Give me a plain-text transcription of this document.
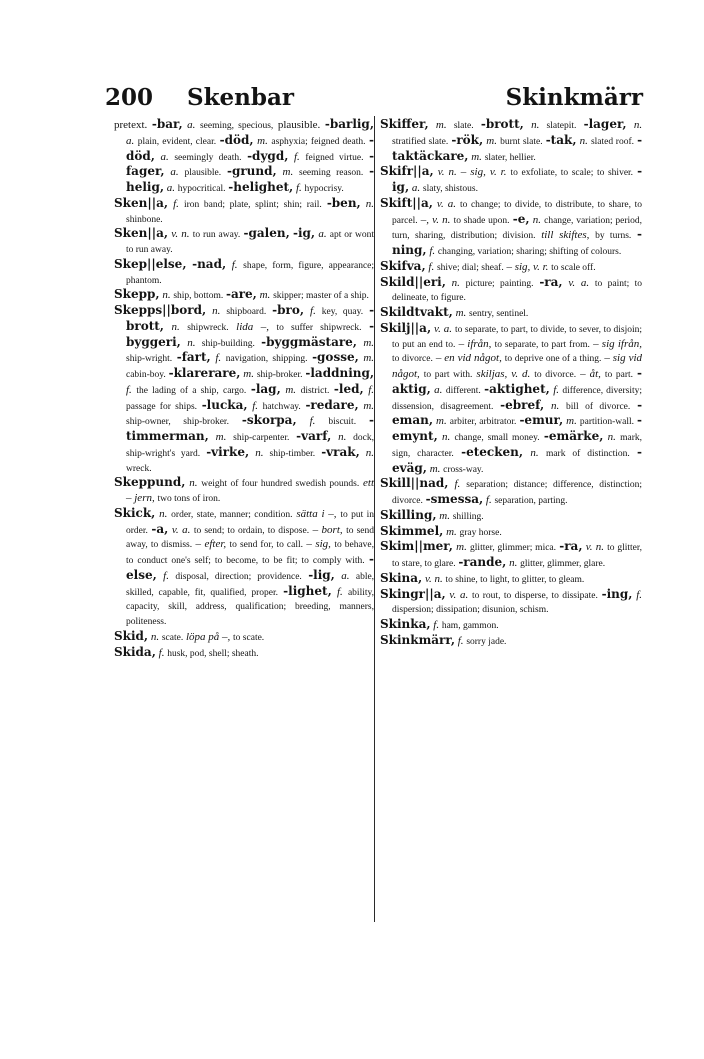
200 Skenbar	Skinkmärr

pretext. -bar, a. seeming, specious, plausible. -barlig, a. plain, evident, clear. -död, m. asphyxia; feigned death. -död, a. seemingly death. -dygd, f. feigned virtue. -fager, a. plausible. -grund, m. seeming reason. -helig, a. hypocritical. -helighet, f. hypocrisy.

Sken||a, f. iron band; plate, splint; shin; rail. -ben, n. shinbone.

Sken||a, v. n. to run away. -galen, -ig, a. apt or wont to run away.

Skep||else, -nad, f. shape, form, figure, appearance; phantom.

Skepp, n. ship, bottom. -are, m. skipper; master of a ship.

Skepps||bord, n. shipboard. -bro, f. key, quay. -brott, n. shipwreck. lida –, to suffer shipwreck. -byggeri, n. ship-building. -byggmästare, m. ship-wright. -fart, f. navigation, shipping. -gosse, m. cabin-boy. -klarerare, m. ship-broker. -laddning, f. the lading of a ship, cargo. -lag, m. district. -led, f. passage for ships. -lucka, f. hatchway. -redare, m. ship-owner, ship-broker. -skorpa, f. biscuit. -timmerman, m. ship-carpenter. -varf, n. dock, ship-wright's yard. -virke, n. ship-timber. -vrak, n. wreck.

Skeppund, n. weight of four hundred swedish pounds. ett – jern, two tons of iron.

Skick, n. order, state, manner; condition. sätta i –, to put in order. -a, v. a. to send; to ordain, to dispose. – bort, to send away, to dismiss. – efter, to send for, to call. – sig, to behave, to conduct one's self; to become, to be fit; to comply with. -else, f. disposal, direction; providence. -lig, a. able, skilled, capable, fit, qualified, proper. -lighet, f. ability, capacity, skill, address, qualification; breeding, manners, politeness.

Skid, n. scate. löpa på –, to scate.

Skida, f. husk, pod, shell; sheath.

Skiffer, m. slate. -brott, n. slatepit. -lager, n. stratified slate. -rök, m. burnt slate. -tak, n. slated roof. -taktäckare, m. slater, hellier.

Skifr||a, v. n. – sig, v. r. to exfoliate, to scale; to shiver. -ig, a. slaty, shistous.

Skift||a, v. a. to change; to divide, to distribute, to share, to parcel. –, v. n. to shade upon. -e, n. change, variation; period, turn, sharing, distribution; division. till skiftes, by turns. -ning, f. changing, variation; sharing; shifting of colours.

Skifva, f. shive; dial; sheaf. – sig, v. r. to scale off.

Skild||eri, n. picture; painting. -ra, v. a. to paint; to delineate, to figure.

Skildtvakt, m. sentry, sentinel.

Skilj||a, v. a. to separate, to part, to divide, to sever, to disjoin; to put an end to. – ifrån, to separate, to part from. – sig ifrån, to divorce. – en vid något, to deprive one of a thing. – sig vid något, to part with. skiljas, v. d. to divorce. – åt, to part. -aktig, a. different. -aktighet, f. difference, diversity; dissension, disagreement. -ebref, n. bill of divorce. -eman, m. arbiter, arbitrator. -emur, m. partition-wall. -emynt, n. change, small money. -emärke, n. mark, sign, character. -etecken, n. mark of distinction. -eväg, m. cross-way.

Skill||nad, f. separation; distance; difference, distinction; divorce. -smessa, f. separation, parting.

Skilling, m. shilling.

Skimmel, m. gray horse.

Skim||mer, m. glitter, glimmer; mica. -ra, v. n. to glitter, to stare, to glare. -rande, n. glitter, glimmer, glare.

Skina, v. n. to shine, to light, to glitter, to gleam.

Skingr||a, v. a. to rout, to disperse, to dissipate. -ing, f. dispersion; dissipation; disunion, schism.

Skinka, f. ham, gammon.

Skinkmärr, f. sorry jade.
